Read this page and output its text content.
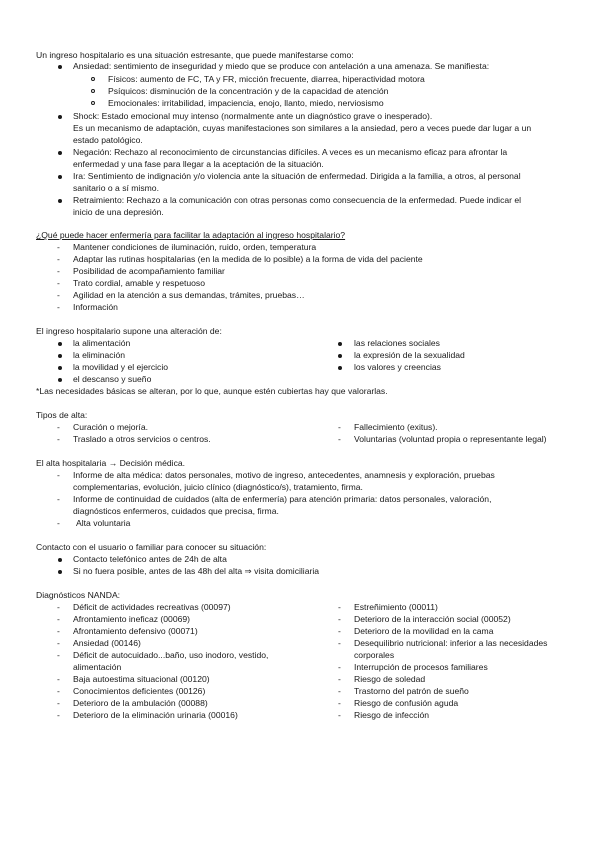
Un ingreso hospitalario es una situación estresante, que puede manifestarse como:
Ansiedad: sentimiento de inseguridad y miedo que se produce con antelación a una amenaza. Se manifiesta:
Físicos: aumento de FC, TA y FR, micción frecuente, diarrea, hiperactividad motora
Psíquicos: disminución de la concentración y de la capacidad de atención
Emocionales: irritabilidad, impaciencia, enojo, llanto, miedo, nerviosismo
Shock: Estado emocional muy intenso (normalmente ante un diagnóstico grave o inesperado).
Es un mecanismo de adaptación, cuyas manifestaciones son similares a la ansiedad, pero a veces puede dar lugar a un
estado patológico.
Negación: Rechazo al reconocimiento de circunstancias difíciles. A veces es un mecanismo eficaz para afrontar la
enfermedad y una fase para llegar a la aceptación de la situación.
Ira: Sentimiento de indignación y/o violencia ante la situación de enfermedad. Dirigida a la familia, a otros, al personal
sanitario o a sí mismo.
Retraimiento: Rechazo a la comunicación con otras personas como consecuencia de la enfermedad. Puede indicar el
inicio de una depresión.
¿Qué puede hacer enfermería para facilitar la adaptación al ingreso hospitalario?
- Mantener condiciones de iluminación, ruido, orden, temperatura
- Adaptar las rutinas hospitalarias (en la medida de lo posible) a la forma de vida del paciente
- Posibilidad de acompañamiento familiar
- Trato cordial, amable y respetuoso
- Agilidad en la atención a sus demandas, trámites, pruebas…
- Información
El ingreso hospitalario supone una alteración de:
la alimentación
la eliminación
la movilidad y el ejercicio
el descanso y sueño
las relaciones sociales
la expresión de la sexualidad
los valores y creencias
*Las necesidades básicas se alteran, por lo que, aunque estén cubiertas hay que valorarlas.
Tipos de alta:
- Curación o mejoría.
- Traslado a otros servicios o centros.
- Fallecimiento (exitus).
- Voluntarias (voluntad propia o representante legal)
El alta hospitalaria → Decisión médica.
- Informe de alta médica: datos personales, motivo de ingreso, antecedentes, anamnesis y exploración, pruebas
complementarias, evolución, juicio clínico (diagnóstico/s), tratamiento, firma.
- Informe de continuidad de cuidados (alta de enfermería) para atención primaria: datos personales, valoración,
diagnósticos enfermeros, cuidados que precisa, firma.
- Alta voluntaria
Contacto con el usuario o familiar para conocer su situación:
Contacto telefónico antes de 24h de alta
Si no fuera posible, antes de las 48h del alta ⇒ visita domiciliaria
Diagnósticos NANDA:
- Déficit de actividades recreativas (00097)
- Afrontamiento ineficaz (00069)
- Afrontamiento defensivo (00071)
- Ansiedad (00146)
- Déficit de autocuidado...baño, uso inodoro, vestido,
alimentación
- Baja autoestima situacional (00120)
- Conocimientos deficientes (00126)
- Deterioro de la ambulación (00088)
- Deterioro de la eliminación urinaria (00016)
- Estreñimiento (00011)
- Deterioro de la interacción social (00052)
- Deterioro de la movilidad en la cama
- Desequilibrio nutricional: inferior a las necesidades
corporales
- Interrupción de procesos familiares
- Riesgo de soledad
- Trastorno del patrón de sueño
- Riesgo de confusión aguda
- Riesgo de infección
